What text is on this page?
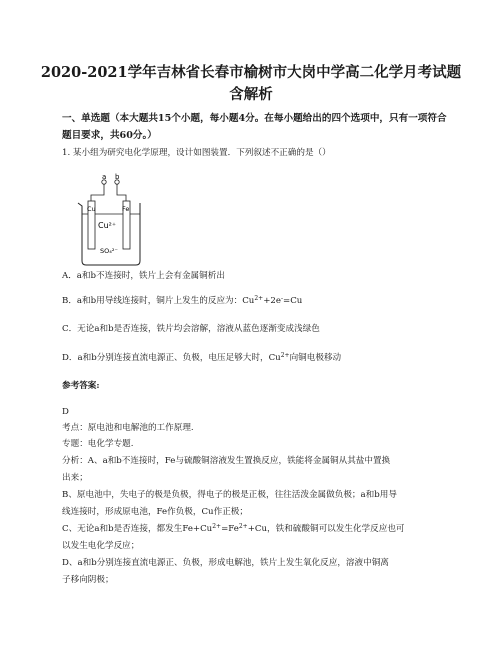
2020-2021学年吉林省长春市榆树市大岗中学高二化学月考试题含解析
一、单选题（本大题共15个小题，每小题4分。在每小题给出的四个选项中，只有一项符合题目要求，共60分。）
1. 某小组为研究电化学原理，设计如图装置．下列叙述不正确的是（）
a b
Cu	Fe
Cu²⁺
SO₄²⁻
A．a和b不连接时，铁片上会有金属铜析出
B．a和b用导线连接时，铜片上发生的反应为：$Cu^{2+}+2e^-=Cu$
C．无论a和b是否连接，铁片均会溶解，溶液从蓝色逐渐变成浅绿色
D．a和b分别连接直流电源正、负极，电压足够大时，$Cu^{2+}$向铜电极移动
参考答案:
D
考点：原电池和电解池的工作原理.
专题：电化学专题.
分析：A、a和b不连接时，Fe与硫酸铜溶液发生置换反应，铁能将金属铜从其盐中置换
出来；
B、原电池中，失电子的极是负极，得电子的极是正极，往往活泼金属做负极；a和b用导
线连接时，形成原电池，Fe作负极，Cu作正极；
C、无论a和b是否连接，都发生$Fe+Cu^{2+}=Fe^{2+}+Cu$，铁和硫酸铜可以发生化学反应也可
以发生电化学反应；
D、a和b分别连接直流电源正、负极，形成电解池，铁片上发生氧化反应，溶液中铜离
子移向阴极；
